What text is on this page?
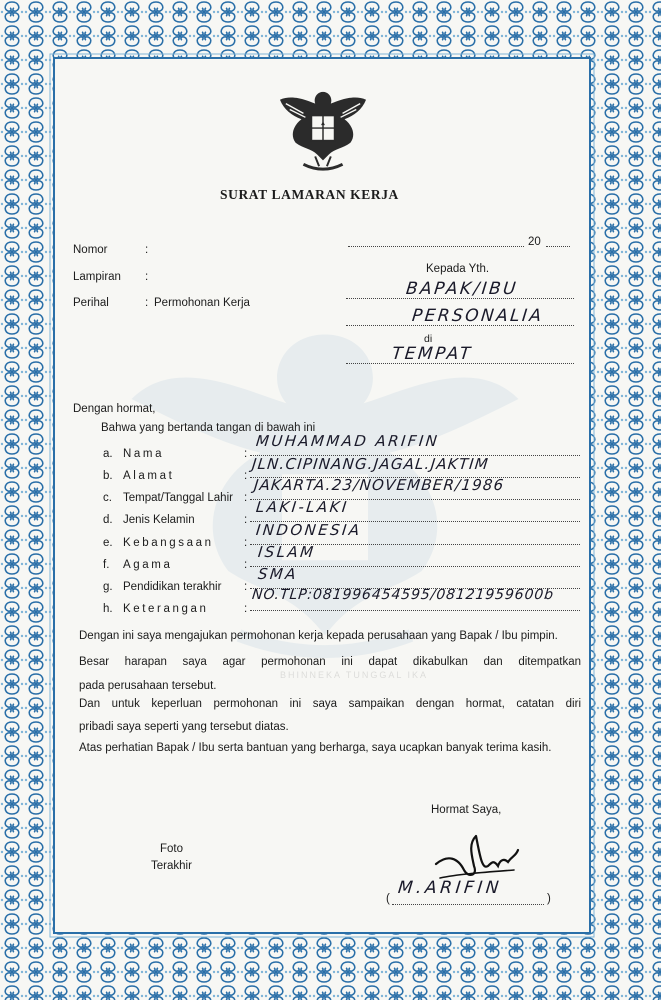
BHINNEKA TUNGGAL IKA
SURAT LAMARAN KERJA
Nomor	:
Lampiran :
Perihal	: Permohonan Kerja
20
Kepada Yth.
BAPAK/IBU
PERSONALIA
di
TEMPAT
Dengan hormat,
Bahwa yang bertanda tangan di bawah ini
a. Nama	:
MUHAMMAD ARIFIN
b. Alamat	:
JLN.CIPINANG.JAGAL.JAKTIM
c. Tempat/Tanggal Lahir :
JAKARTA.23/NOVEMBER/1986
d. Jenis Kelamin	:
LAKI-LAKI
e. Kebangsaan	:
INDONESIA
f. Agama	:
ISLAM
g. Pendidikan terakhir :
SMA
h. Keterangan	:
NO.TLP:081996454595/08121959600b
Dengan ini saya mengajukan permohonan kerja kepada perusahaan yang Bapak / Ibu pimpin.
Besar harapan saya agar permohonan ini dapat dikabulkan dan ditempatkan
pada perusahaan tersebut.
Dan untuk keperluan permohonan ini saya sampaikan dengan hormat, catatan diri
pribadi saya seperti yang tersebut diatas.
Atas perhatian Bapak / Ibu serta bantuan yang berharga, saya ucapkan banyak terima kasih.
Hormat Saya,
Foto
Terakhir
(
M.ARIFIN
)
